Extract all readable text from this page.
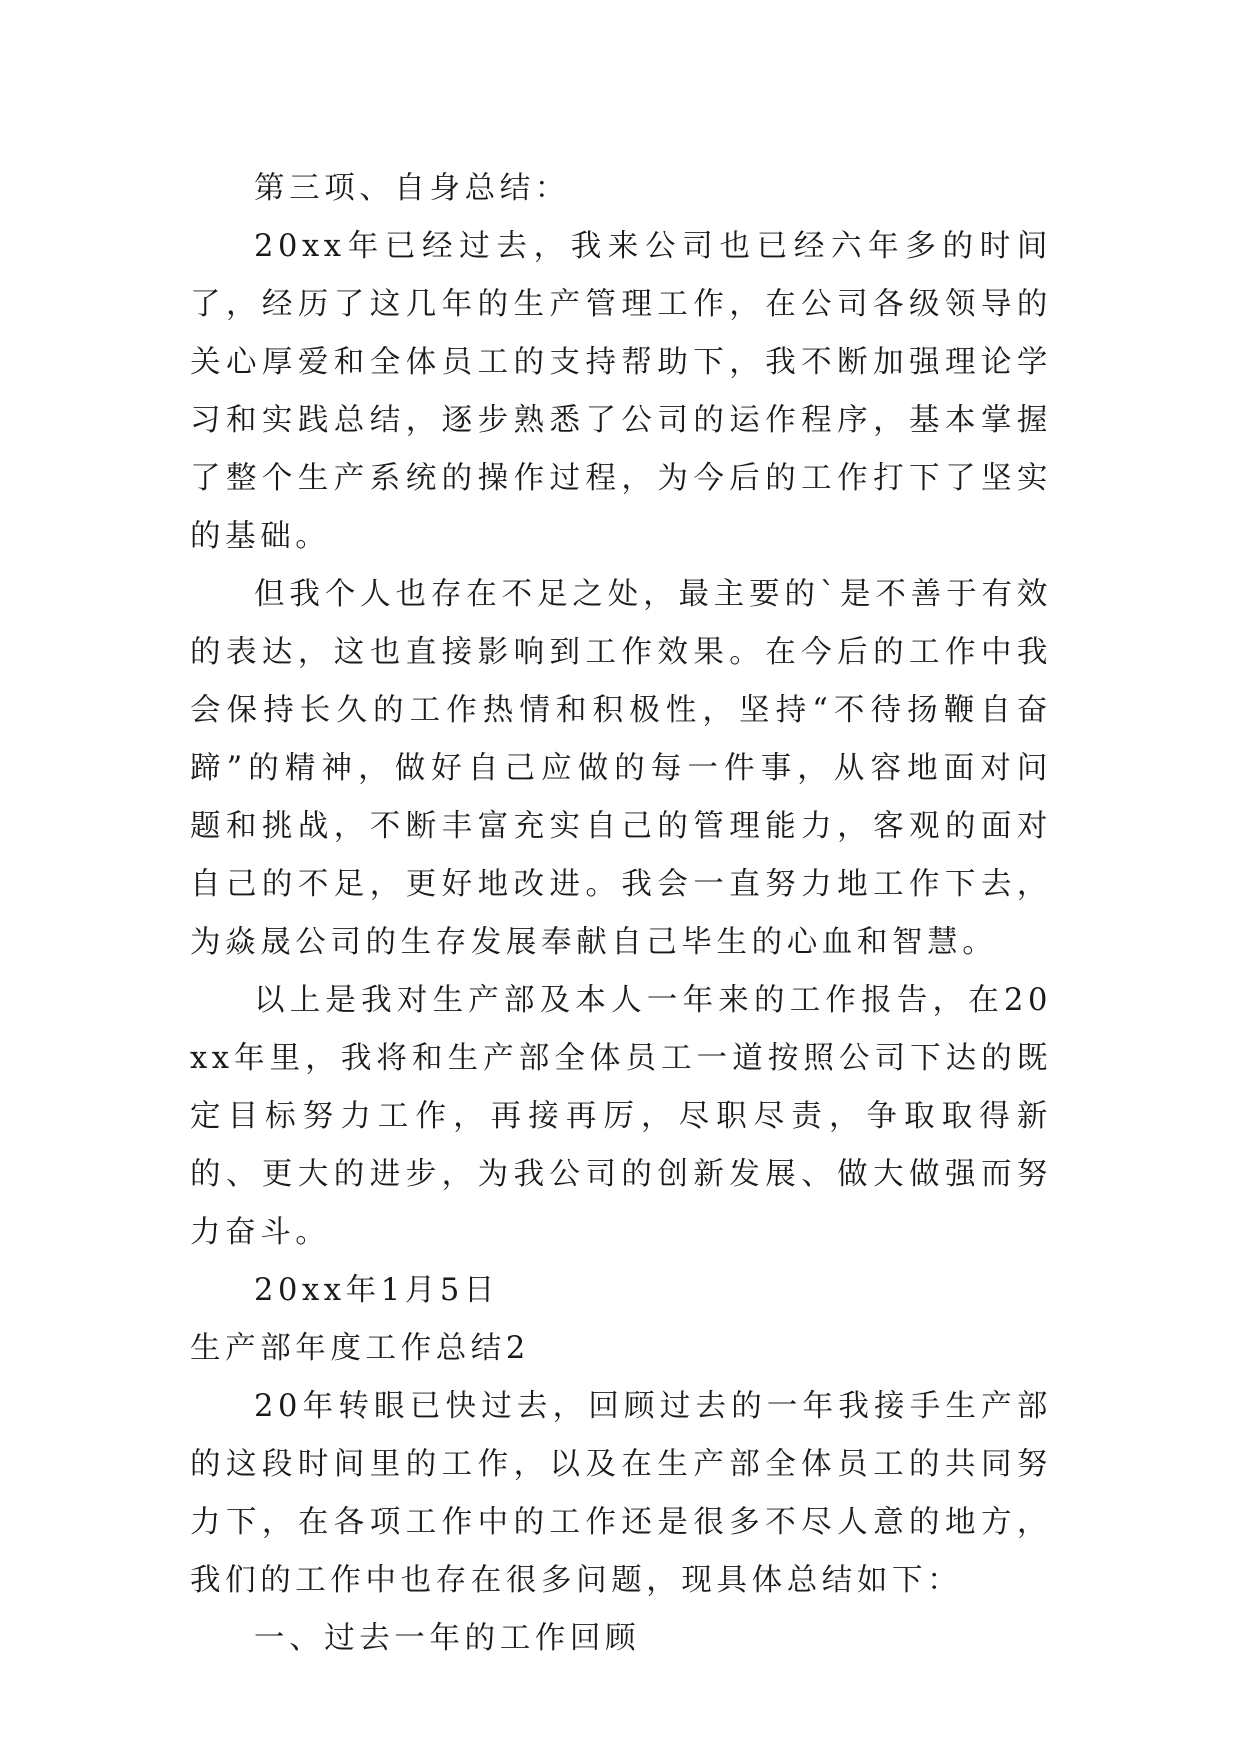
第三项、自身总结：

20xx年已经过去，我来公司也已经六年多的时间了，经历了这几年的生产管理工作，在公司各级领导的关心厚爱和全体员工的支持帮助下，我不断加强理论学习和实践总结，逐步熟悉了公司的运作程序，基本掌握了整个生产系统的操作过程，为今后的工作打下了坚实的基础。

但我个人也存在不足之处，最主要的`是不善于有效的表达，这也直接影响到工作效果。在今后的工作中我会保持长久的工作热情和积极性，坚持“不待扬鞭自奋蹄”的精神，做好自己应做的每一件事，从容地面对问题和挑战，不断丰富充实自己的管理能力，客观的面对自己的不足，更好地改进。我会一直努力地工作下去，为焱晟公司的生存发展奉献自己毕生的心血和智慧。

以上是我对生产部及本人一年来的工作报告，在20xx年里，我将和生产部全体员工一道按照公司下达的既定目标努力工作，再接再厉，尽职尽责，争取取得新的、更大的进步，为我公司的创新发展、做大做强而努力奋斗。

20xx年1月5日

生产部年度工作总结2

20年转眼已快过去，回顾过去的一年我接手生产部的这段时间里的工作，以及在生产部全体员工的共同努力下，在各项工作中的工作还是很多不尽人意的地方，我们的工作中也存在很多问题，现具体总结如下：

一、过去一年的工作回顾
